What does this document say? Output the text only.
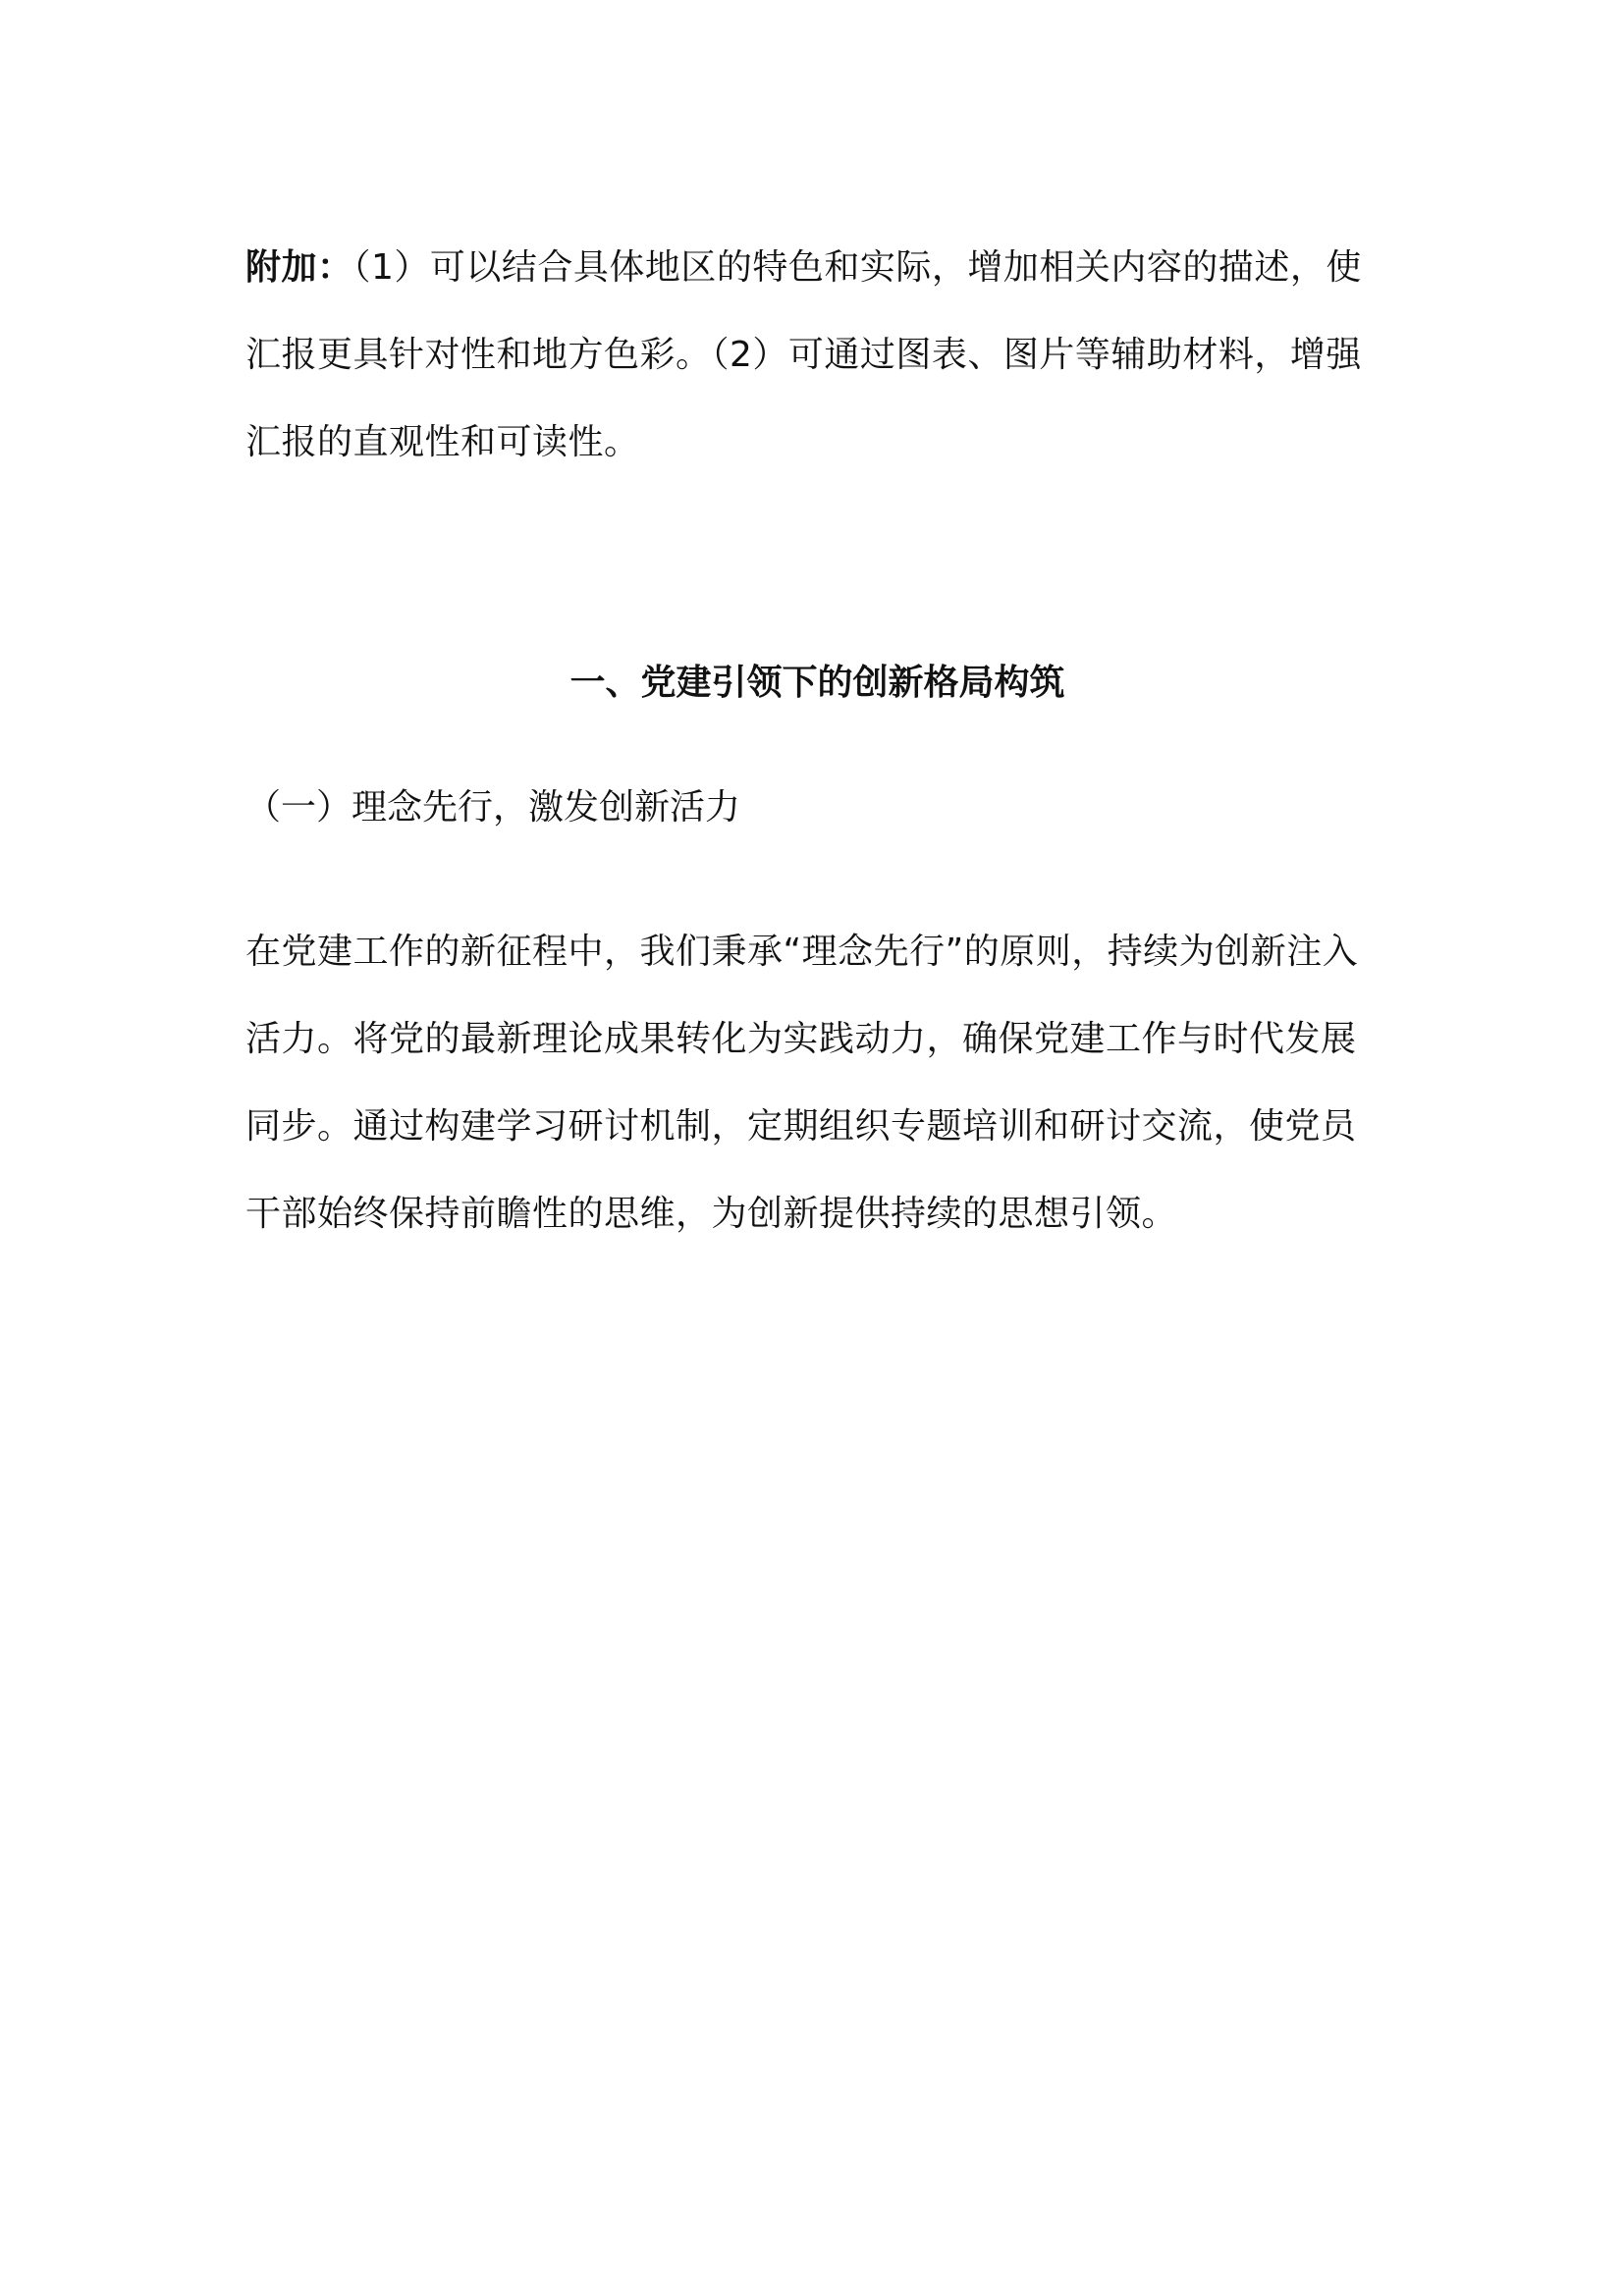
附加：（1）可以结合具体地区的特色和实际，增加相关内容的描述，使汇报更具针对性和地方色彩。（2）可通过图表、图片等辅助材料，增强汇报的直观性和可读性。

一、党建引领下的创新格局构筑

（一）理念先行，激发创新活力

在党建工作的新征程中，我们秉承“理念先行”的原则，持续为创新注入活力。将党的最新理论成果转化为实践动力，确保党建工作与时代发展同步。通过构建学习研讨机制，定期组织专题培训和研讨交流，使党员干部始终保持前瞻性的思维，为创新提供持续的思想引领。
